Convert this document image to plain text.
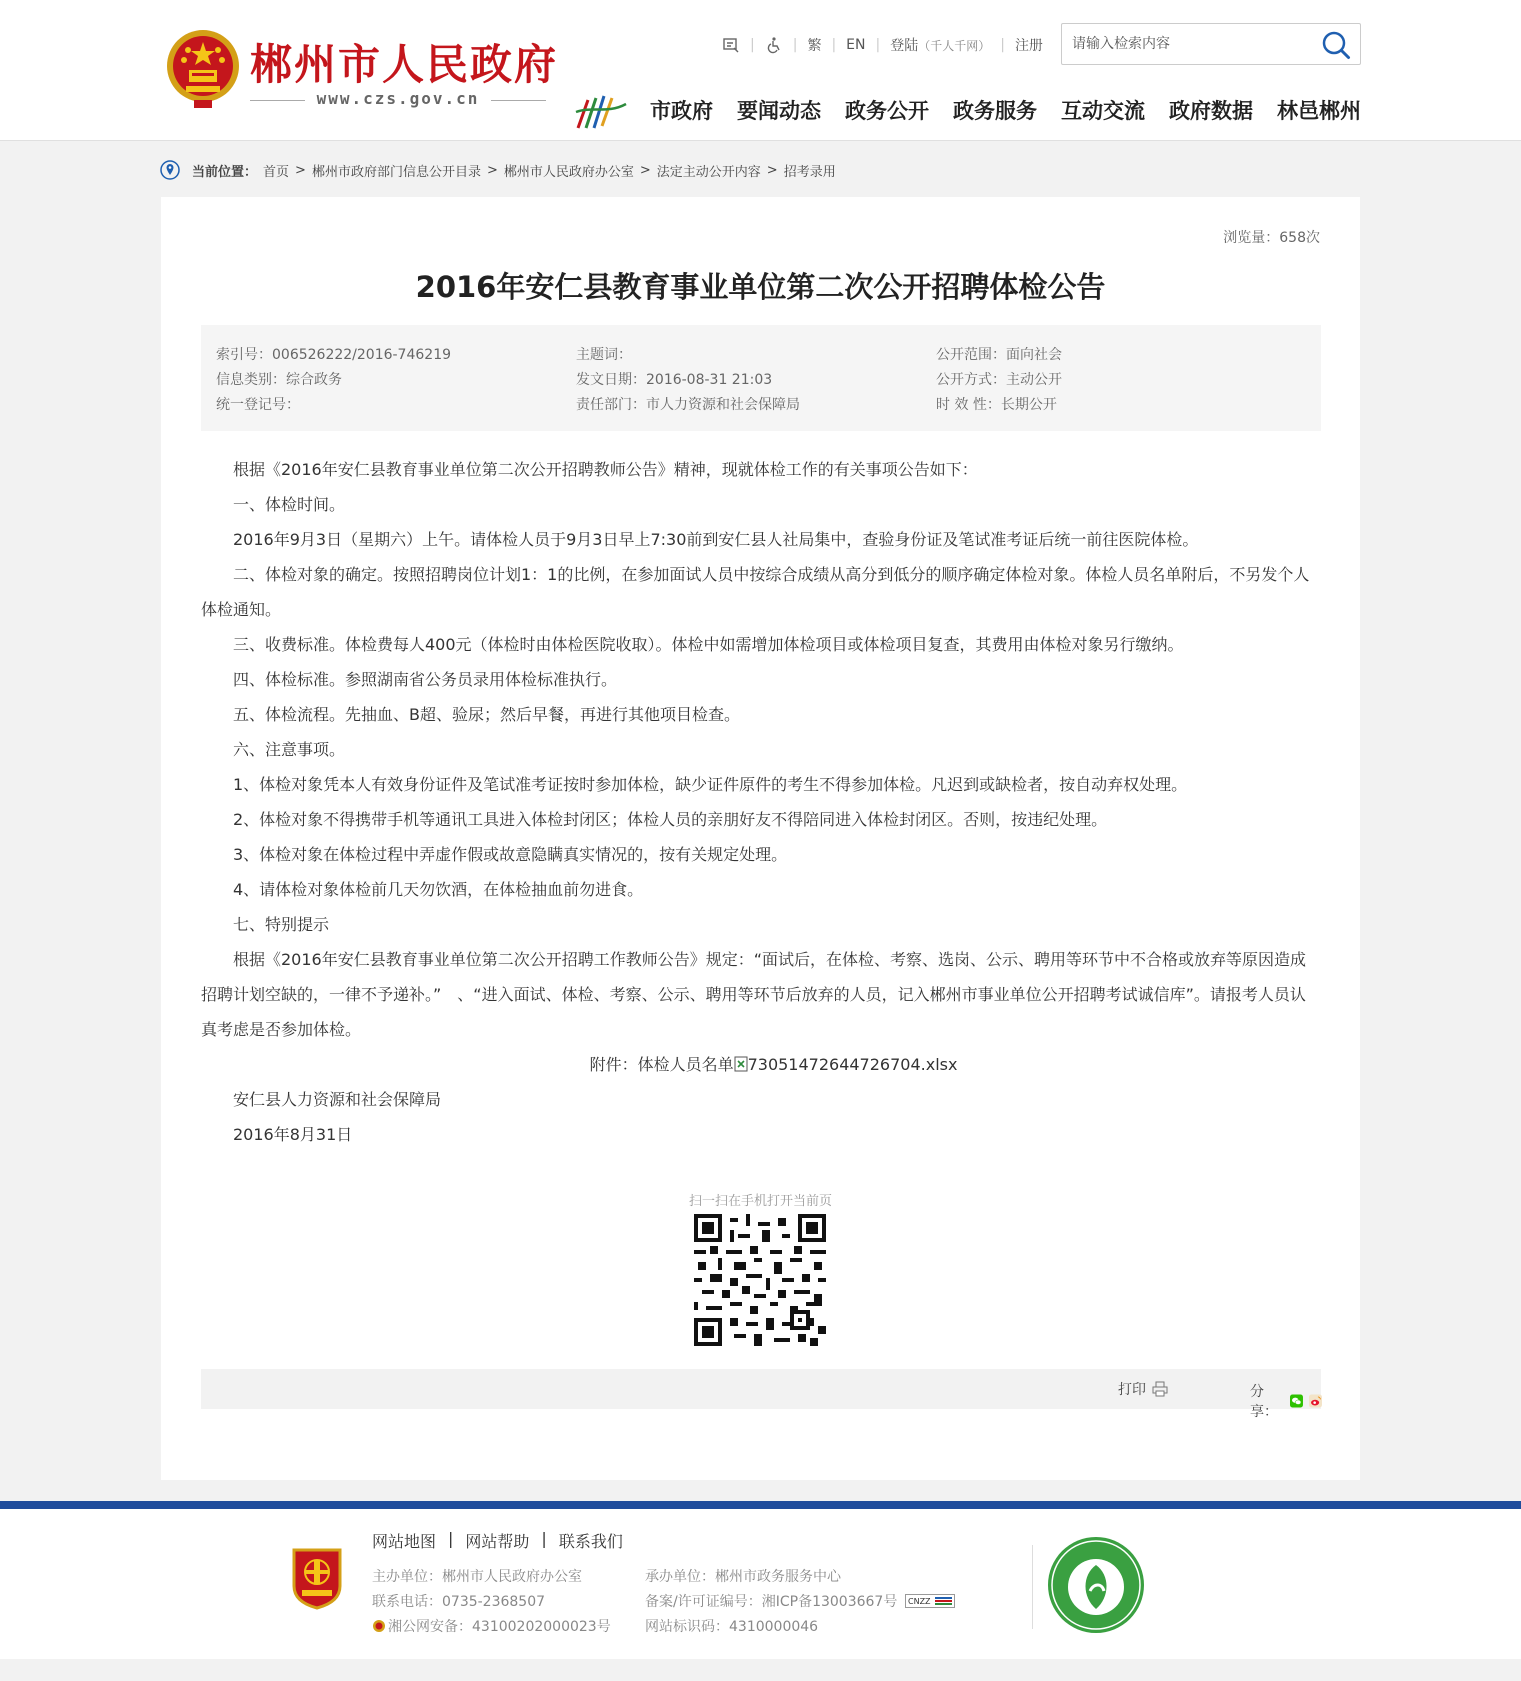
郴州市人民政府
www.czs.gov.cn
|	| 繁 | EN | 登陆 （千人千网） | 注册
请输入检索内容
市政府 要闻动态 政务公开 政务服务 互动交流 政府数据 林邑郴州
当前位置： 首页 > 郴州市政府部门信息公开目录 > 郴州市人民政府办公室 > 法定主动公开内容 > 招考录用
浏览量：658次
2016年安仁县教育事业单位第二次公开招聘体检公告
索引号：006526222/2016-746219
信息类别：综合政务
统一登记号：
主题词：
发文日期：2016-08-31 21:03
责任部门：市人力资源和社会保障局
公开范围：面向社会
公开方式：主动公开
时 效 性：长期公开

根据《2016年安仁县教育事业单位第二次公开招聘教师公告》精神，现就体检工作的有关事项公告如下：

一、体检时间。

2016年9月3日（星期六）上午。请体检人员于9月3日早上7:30前到安仁县人社局集中，查验身份证及笔试准考证后统一前往医院体检。

二、体检对象的确定。按照招聘岗位计划1：1的比例，在参加面试人员中按综合成绩从高分到低分的顺序确定体检对象。体检人员名单附后，不另发个人体检通知。

三、收费标准。体检费每人400元（体检时由体检医院收取）。体检中如需增加体检项目或体检项目复查，其费用由体检对象另行缴纳。

四、体检标准。参照湖南省公务员录用体检标准执行。

五、体检流程。先抽血、B超、验尿；然后早餐，再进行其他项目检查。

六、注意事项。

1、体检对象凭本人有效身份证件及笔试准考证按时参加体检，缺少证件原件的考生不得参加体检。凡迟到或缺检者，按自动弃权处理。

2、体检对象不得携带手机等通讯工具进入体检封闭区；体检人员的亲朋好友不得陪同进入体检封闭区。否则，按违纪处理。

3、体检对象在体检过程中弄虚作假或故意隐瞒真实情况的，按有关规定处理。

4、请体检对象体检前几天勿饮酒，在体检抽血前勿进食。

七、特别提示

根据《2016年安仁县教育事业单位第二次公开招聘工作教师公告》规定：“面试后，在体检、考察、选岗、公示、聘用等环节中不合格或放弃等原因造成招聘计划空缺的，一律不予递补。”　、“进入面试、体检、考察、公示、聘用等环节后放弃的人员，记入郴州市事业单位公开招聘考试诚信库”。请报考人员认真考虑是否参加体检。

附件：体检人员名单 73051472644726704.xlsx

安仁县人力资源和社会保障局

2016年8月31日

扫一扫在手机打开当前页
打印	分享：
网站地图 | 网站帮助 | 联系我们
主办单位：郴州市人民政府办公室
联系电话：0735-2368507
湘公网安备：43100202000023号
承办单位：郴州市政务服务中心
备案/许可证编号：湘ICP备13003667号 CNZZ
网站标识码：4310000046
